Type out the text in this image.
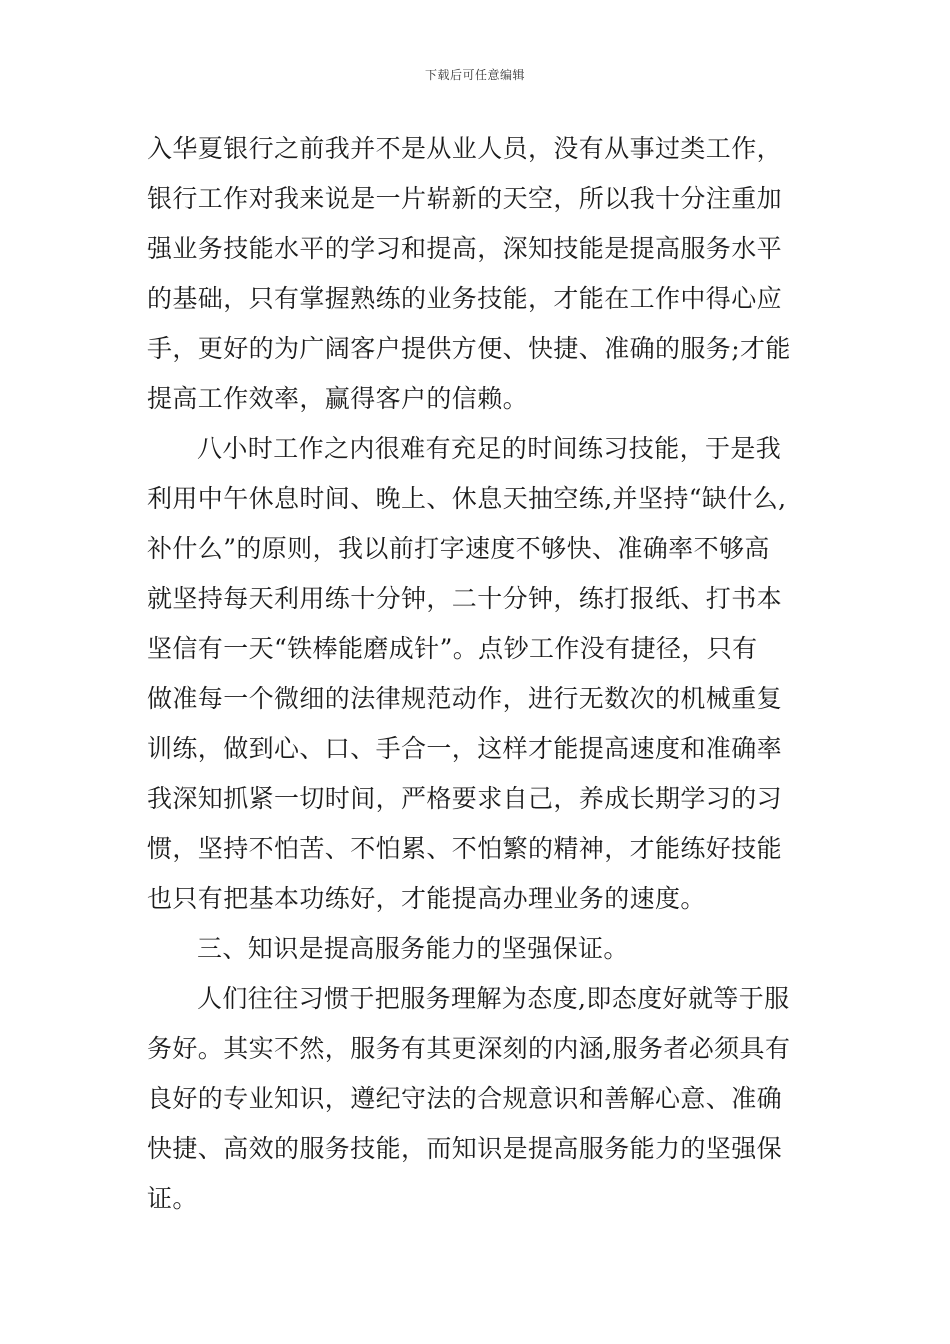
下载后可任意编辑
入华夏银行之前我并不是从业人员，没有从事过类工作，
银行工作对我来说是一片崭新的天空，所以我十分注重加
强业务技能水平的学习和提高，深知技能是提高服务水平
的基础，只有掌握熟练的业务技能，才能在工作中得心应
手，更好的为广阔客户提供方便、快捷、准确的服务;才能
提高工作效率，赢得客户的信赖。
八小时工作之内很难有充足的时间练习技能，于是我
利用中午休息时间、晚上、休息天抽空练,并坚持“缺什么,
补什么”的原则，我以前打字速度不够快、准确率不够高
就坚持每天利用练十分钟，二十分钟，练打报纸、打书本
坚信有一天“铁棒能磨成针”。点钞工作没有捷径，只有
做准每一个微细的法律规范动作，进行无数次的机械重复
训练，做到心、口、手合一，这样才能提高速度和准确率
我深知抓紧一切时间，严格要求自己，养成长期学习的习
惯，坚持不怕苦、不怕累、不怕繁的精神，才能练好技能
也只有把基本功练好，才能提高办理业务的速度。
三、知识是提高服务能力的坚强保证。
人们往往习惯于把服务理解为态度,即态度好就等于服
务好。其实不然，服务有其更深刻的内涵,服务者必须具有
良好的专业知识，遵纪守法的合规意识和善解心意、准确
快捷、高效的服务技能，而知识是提高服务能力的坚强保
证。
